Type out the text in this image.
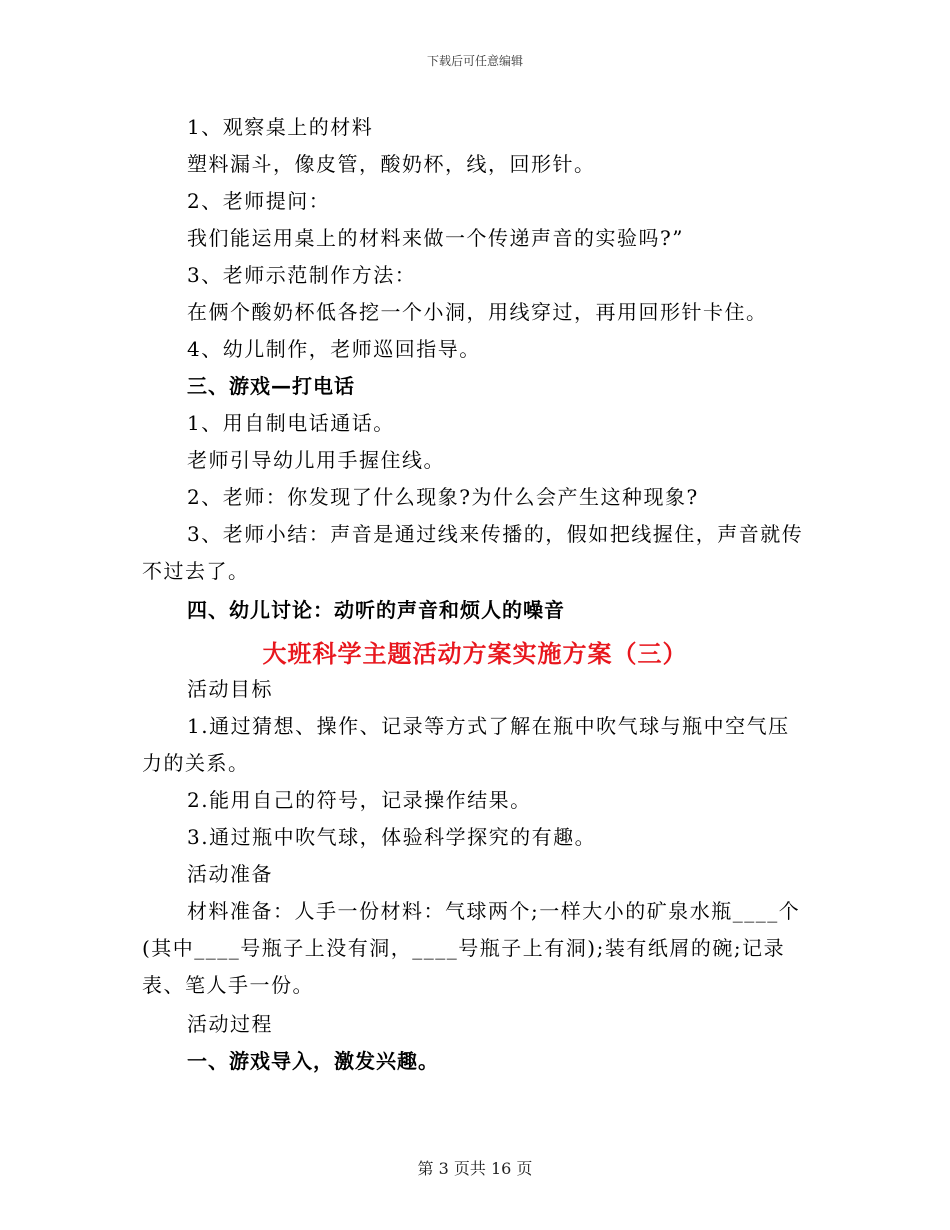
下载后可任意编辑
1、观察桌上的材料
塑料漏斗，像皮管，酸奶杯，线，回形针。
2、老师提问：
我们能运用桌上的材料来做一个传递声音的实验吗?”
3、老师示范制作方法：
在俩个酸奶杯低各挖一个小洞，用线穿过，再用回形针卡住。
4、幼儿制作，老师巡回指导。
三、游戏—打电话
1、用自制电话通话。
老师引导幼儿用手握住线。
2、老师：你发现了什么现象?为什么会产生这种现象?
3、老师小结：声音是通过线来传播的，假如把线握住，声音就传
不过去了。
四、幼儿讨论：动听的声音和烦人的噪音
大班科学主题活动方案实施方案（三）
活动目标
1.通过猜想、操作、记录等方式了解在瓶中吹气球与瓶中空气压
力的关系。
2.能用自己的符号，记录操作结果。
3.通过瓶中吹气球，体验科学探究的有趣。
活动准备
材料准备：人手一份材料：气球两个;一样大小的矿泉水瓶____个
(其中____号瓶子上没有洞，____号瓶子上有洞);装有纸屑的碗;记录
表、笔人手一份。
活动过程
一、游戏导入，激发兴趣。
第 3 页共 16 页
